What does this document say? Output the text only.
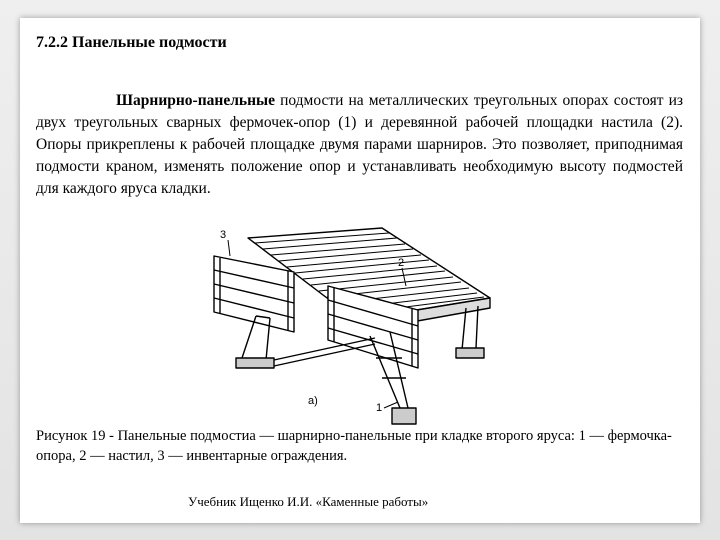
7.2.2 Панельные подмости
Шарнирно-панельные подмости на металлических треугольных опорах состоят из двух треугольных сварных фермочек-опор (1) и деревянной рабочей площадки настила (2). Опоры прикреплены к рабочей площадке двумя парами шарниров. Это позволяет, приподнимая подмости краном, изменять положение опор и устанавливать необходимую высоту подмостей для каждого яруса кладки.
3
2
1
а)
Рисунок 19 - Панельные подмостиа — шарнирно-панельные при кладке второго яруса: 1 — фермочка-опора, 2 — настил, 3 — инвентарные ограждения.
Учебник Ищенко И.И. «Каменные работы»
